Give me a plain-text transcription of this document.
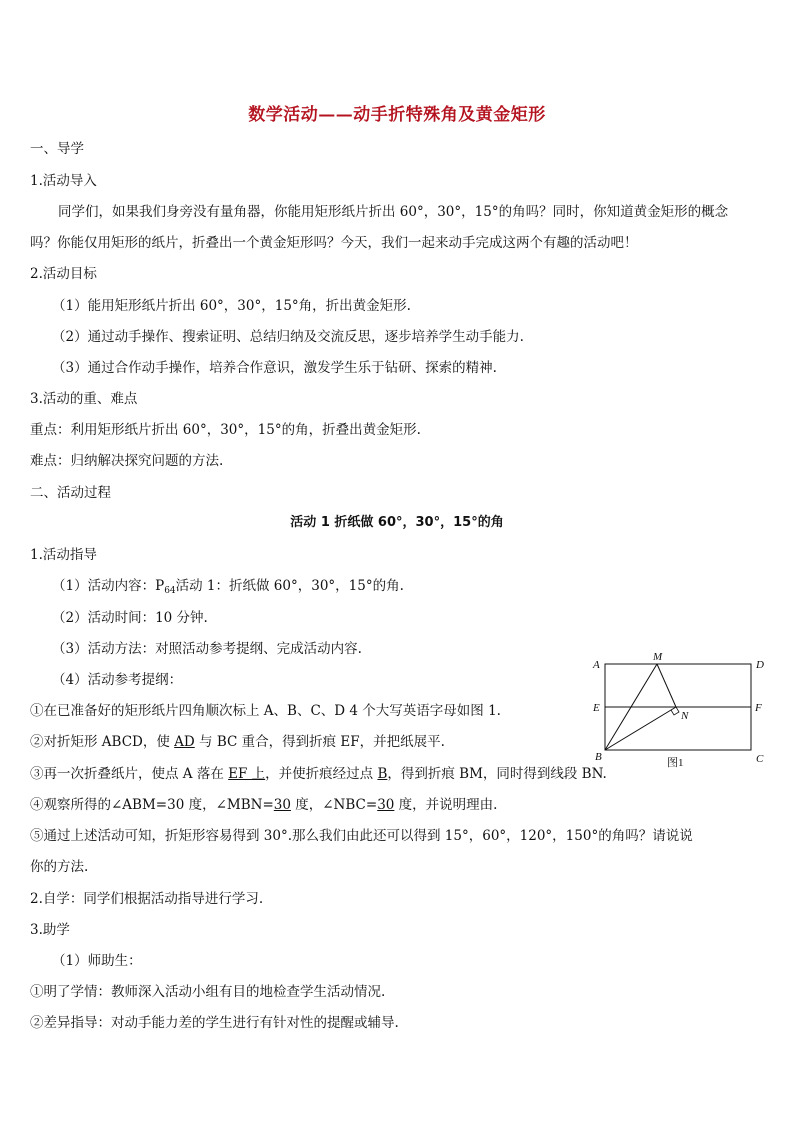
数学活动——动手折特殊角及黄金矩形
一、导学
1.活动导入
同学们，如果我们身旁没有量角器，你能用矩形纸片折出 60°，30°，15°的角吗？同时，你知道黄金矩形的概念
吗？你能仅用矩形的纸片，折叠出一个黄金矩形吗？今天，我们一起来动手完成这两个有趣的活动吧！
2.活动目标
（1）能用矩形纸片折出 60°，30°，15°角，折出黄金矩形.
（2）通过动手操作、搜索证明、总结归纳及交流反思，逐步培养学生动手能力.
（3）通过合作动手操作，培养合作意识，激发学生乐于钻研、探索的精神.
3.活动的重、难点
重点：利用矩形纸片折出 60°，30°，15°的角，折叠出黄金矩形.
难点：归纳解决探究问题的方法.
二、活动过程
活动 1 折纸做 60°，30°，15°的角
1.活动指导
（1）活动内容：$P_{64}$活动 1：折纸做 60°，30°，15°的角.
（2）活动时间：10 分钟.
（3）活动方法：对照活动参考提纲、完成活动内容.
（4）活动参考提纲：
①在已准备好的矩形纸片四角顺次标上 A、B、C、D 4 个大写英语字母如图 1.
②对折矩形 ABCD，使 AD 与 BC 重合，得到折痕 EF，并把纸展平.
③再一次折叠纸片，使点 A 落在 EF 上，并使折痕经过点 B，得到折痕 BM，同时得到线段 BN.
④观察所得的∠ABM=30 度，∠MBN=30 度，∠NBC=30 度，并说明理由.
⑤通过上述活动可知，折矩形容易得到 30°.那么我们由此还可以得到 15°，60°，120°，150°的角吗？请说说
你的方法.
2.自学：同学们根据活动指导进行学习.
3.助学
（1）师助生：
①明了学情：教师深入活动小组有目的地检查学生活动情况.
②差异指导：对动手能力差的学生进行有针对性的提醒或辅导.
A
M
D
E	F
N
B	C
图1
